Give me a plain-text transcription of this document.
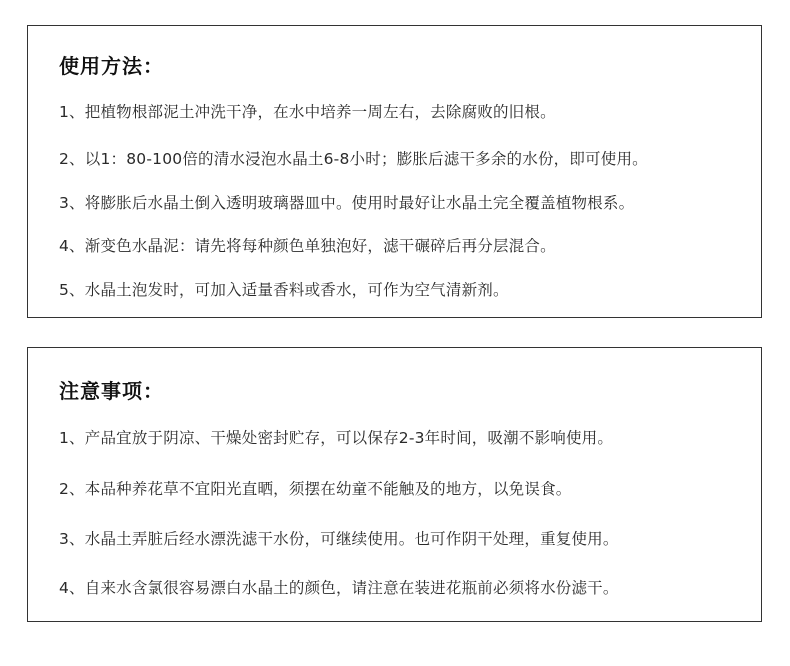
使用方法：
1、把植物根部泥土冲洗干净，在水中培养一周左右，去除腐败的旧根。
2、以1：80-100倍的清水浸泡水晶土6-8小时；膨胀后滤干多余的水份，即可使用。
3、将膨胀后水晶土倒入透明玻璃器皿中。使用时最好让水晶土完全覆盖植物根系。
4、渐变色水晶泥：请先将每种颜色单独泡好，滤干碾碎后再分层混合。
5、水晶土泡发时，可加入适量香料或香水，可作为空气清新剂。
注意事项：
1、产品宜放于阴凉、干燥处密封贮存，可以保存2-3年时间，吸潮不影响使用。
2、本品种养花草不宜阳光直晒，须摆在幼童不能触及的地方，以免误食。
3、水晶土弄脏后经水漂洗滤干水份，可继续使用。也可作阴干处理，重复使用。
4、自来水含氯很容易漂白水晶土的颜色，请注意在装进花瓶前必须将水份滤干。
